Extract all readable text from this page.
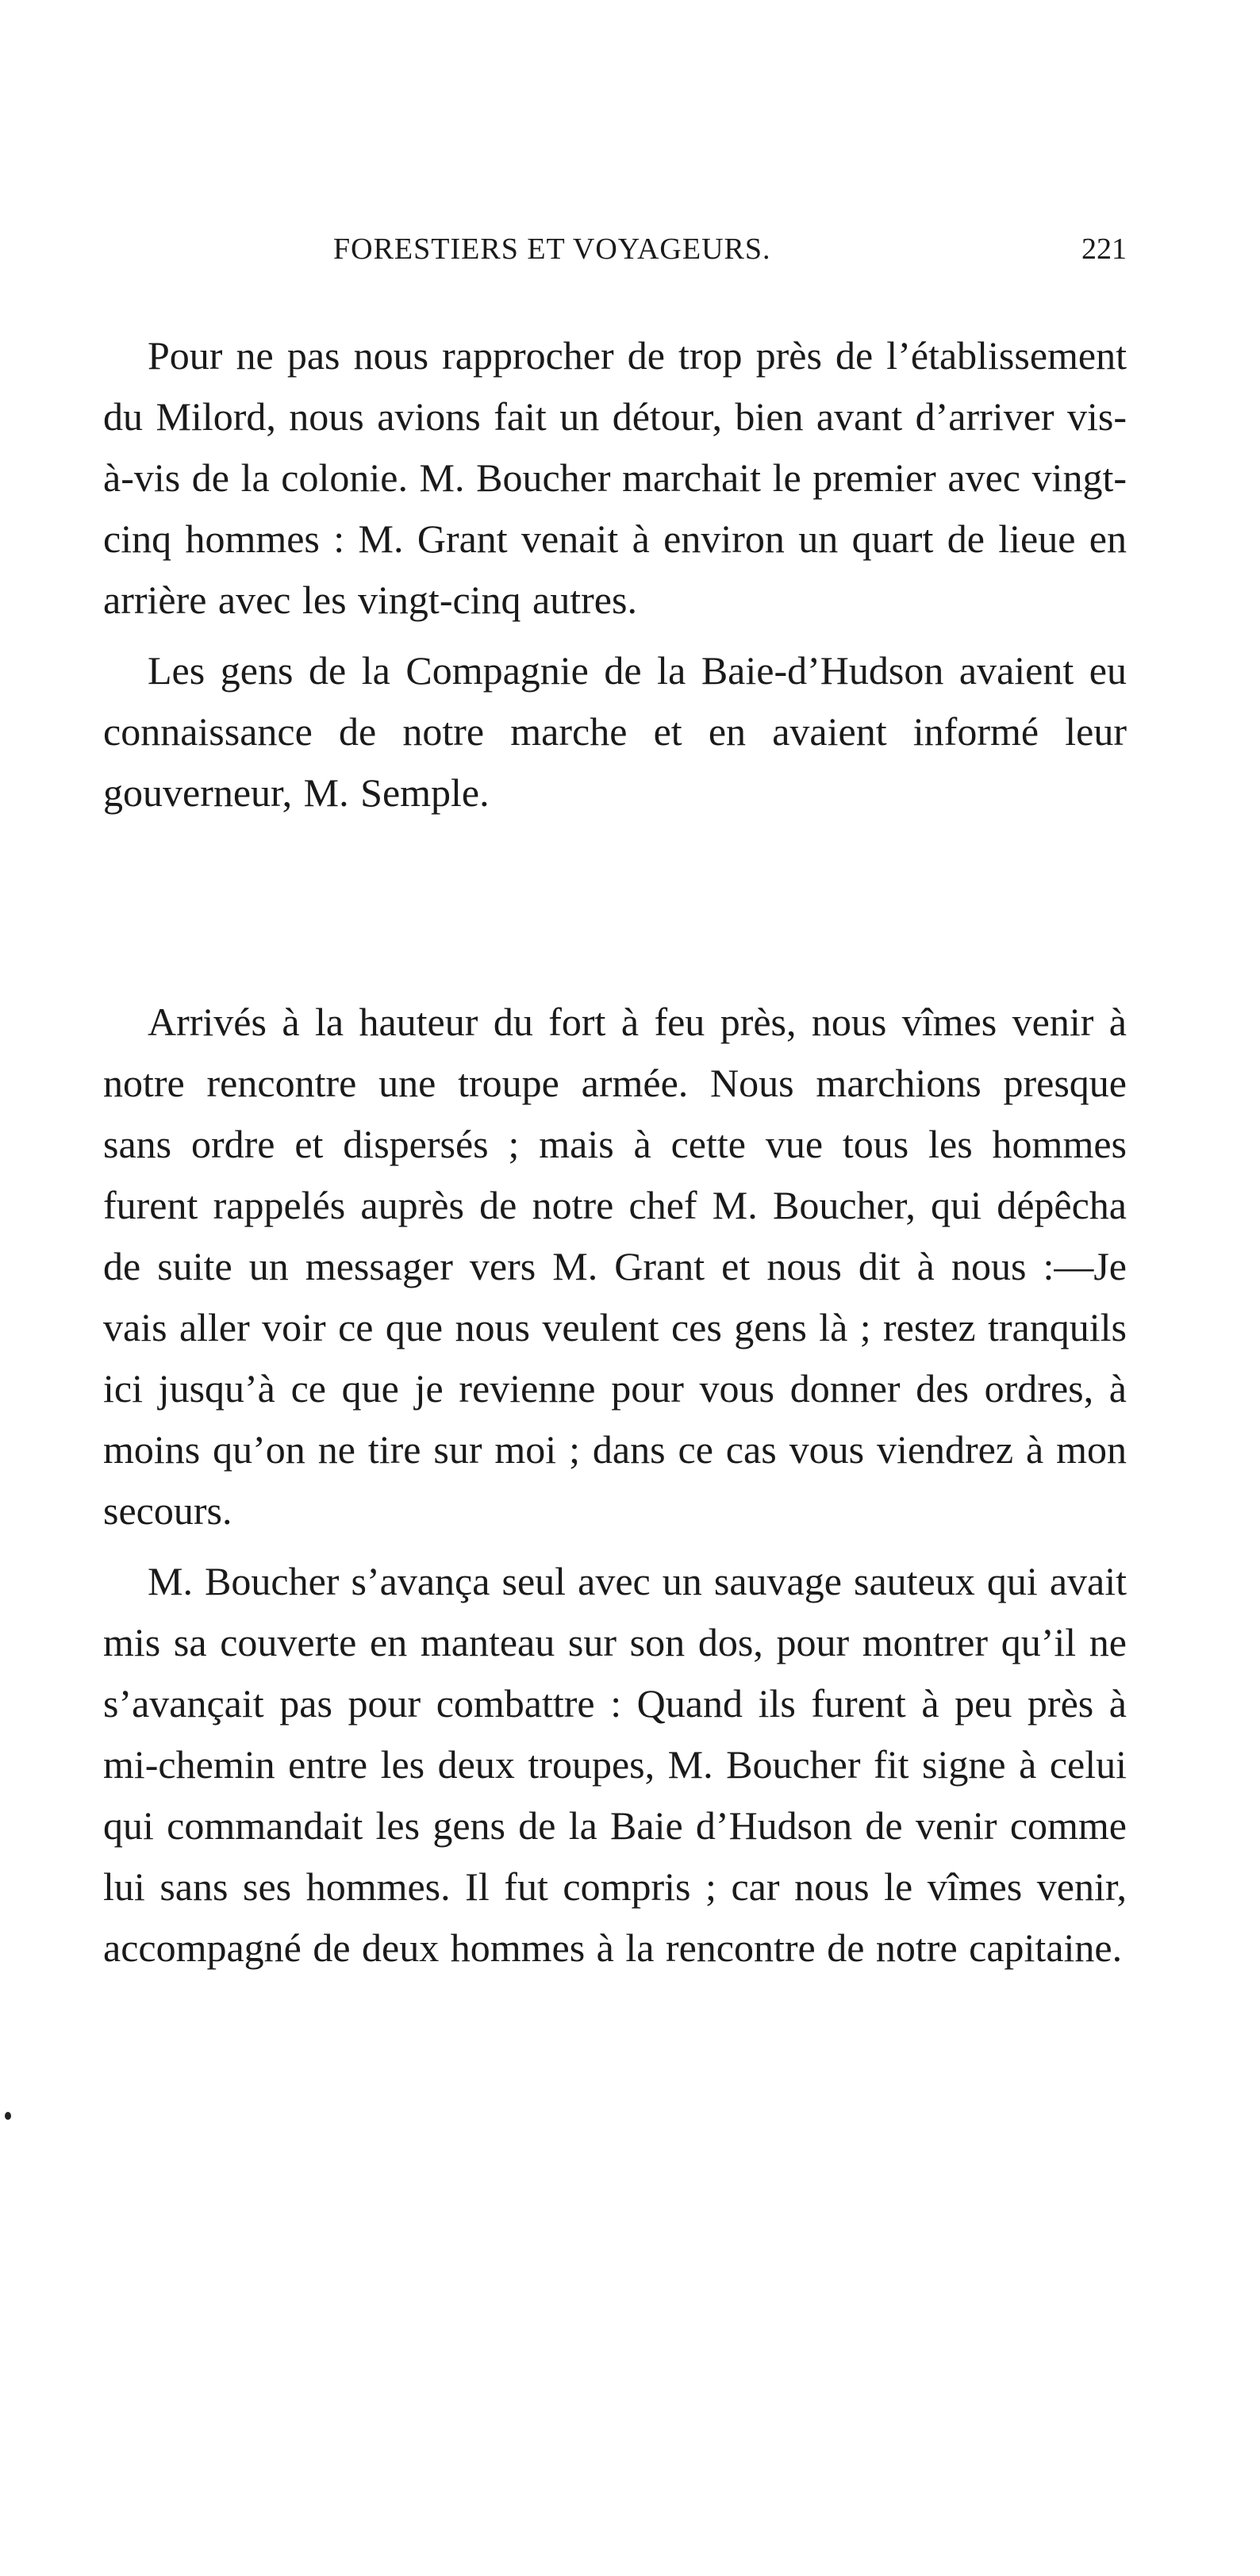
FORESTIERS ET VOYAGEURS.	221

Pour ne pas nous rapprocher de trop près de l’établissement du Milord, nous avions fait un détour, bien avant d’arriver vis-à-vis de la colonie. M. Boucher marchait le premier avec vingt-cinq hommes : M. Grant venait à environ un quart de lieue en arrière avec les vingt-cinq autres.

Les gens de la Compagnie de la Baie-d’Hudson avaient eu connaissance de notre marche et en avaient informé leur gouverneur, M. Semple.

Arrivés à la hauteur du fort à feu près, nous vîmes venir à notre rencontre une troupe armée. Nous marchions presque sans ordre et dispersés ; mais à cette vue tous les hommes furent rappelés auprès de notre chef M. Boucher, qui dépêcha de suite un messager vers M. Grant et nous dit à nous :—Je vais aller voir ce que nous veulent ces gens là ; restez tranquils ici jusqu’à ce que je revienne pour vous donner des ordres, à moins qu’on ne tire sur moi ; dans ce cas vous viendrez à mon secours.

M. Boucher s’avança seul avec un sauvage sauteux qui avait mis sa couverte en manteau sur son dos, pour montrer qu’il ne s’avançait pas pour combattre : Quand ils furent à peu près à mi-chemin entre les deux troupes, M. Boucher fit signe à celui qui commandait les gens de la Baie d’Hudson de venir comme lui sans ses hommes. Il fut compris ; car nous le vîmes venir, accompagné de deux hommes à la rencontre de notre capitaine.
